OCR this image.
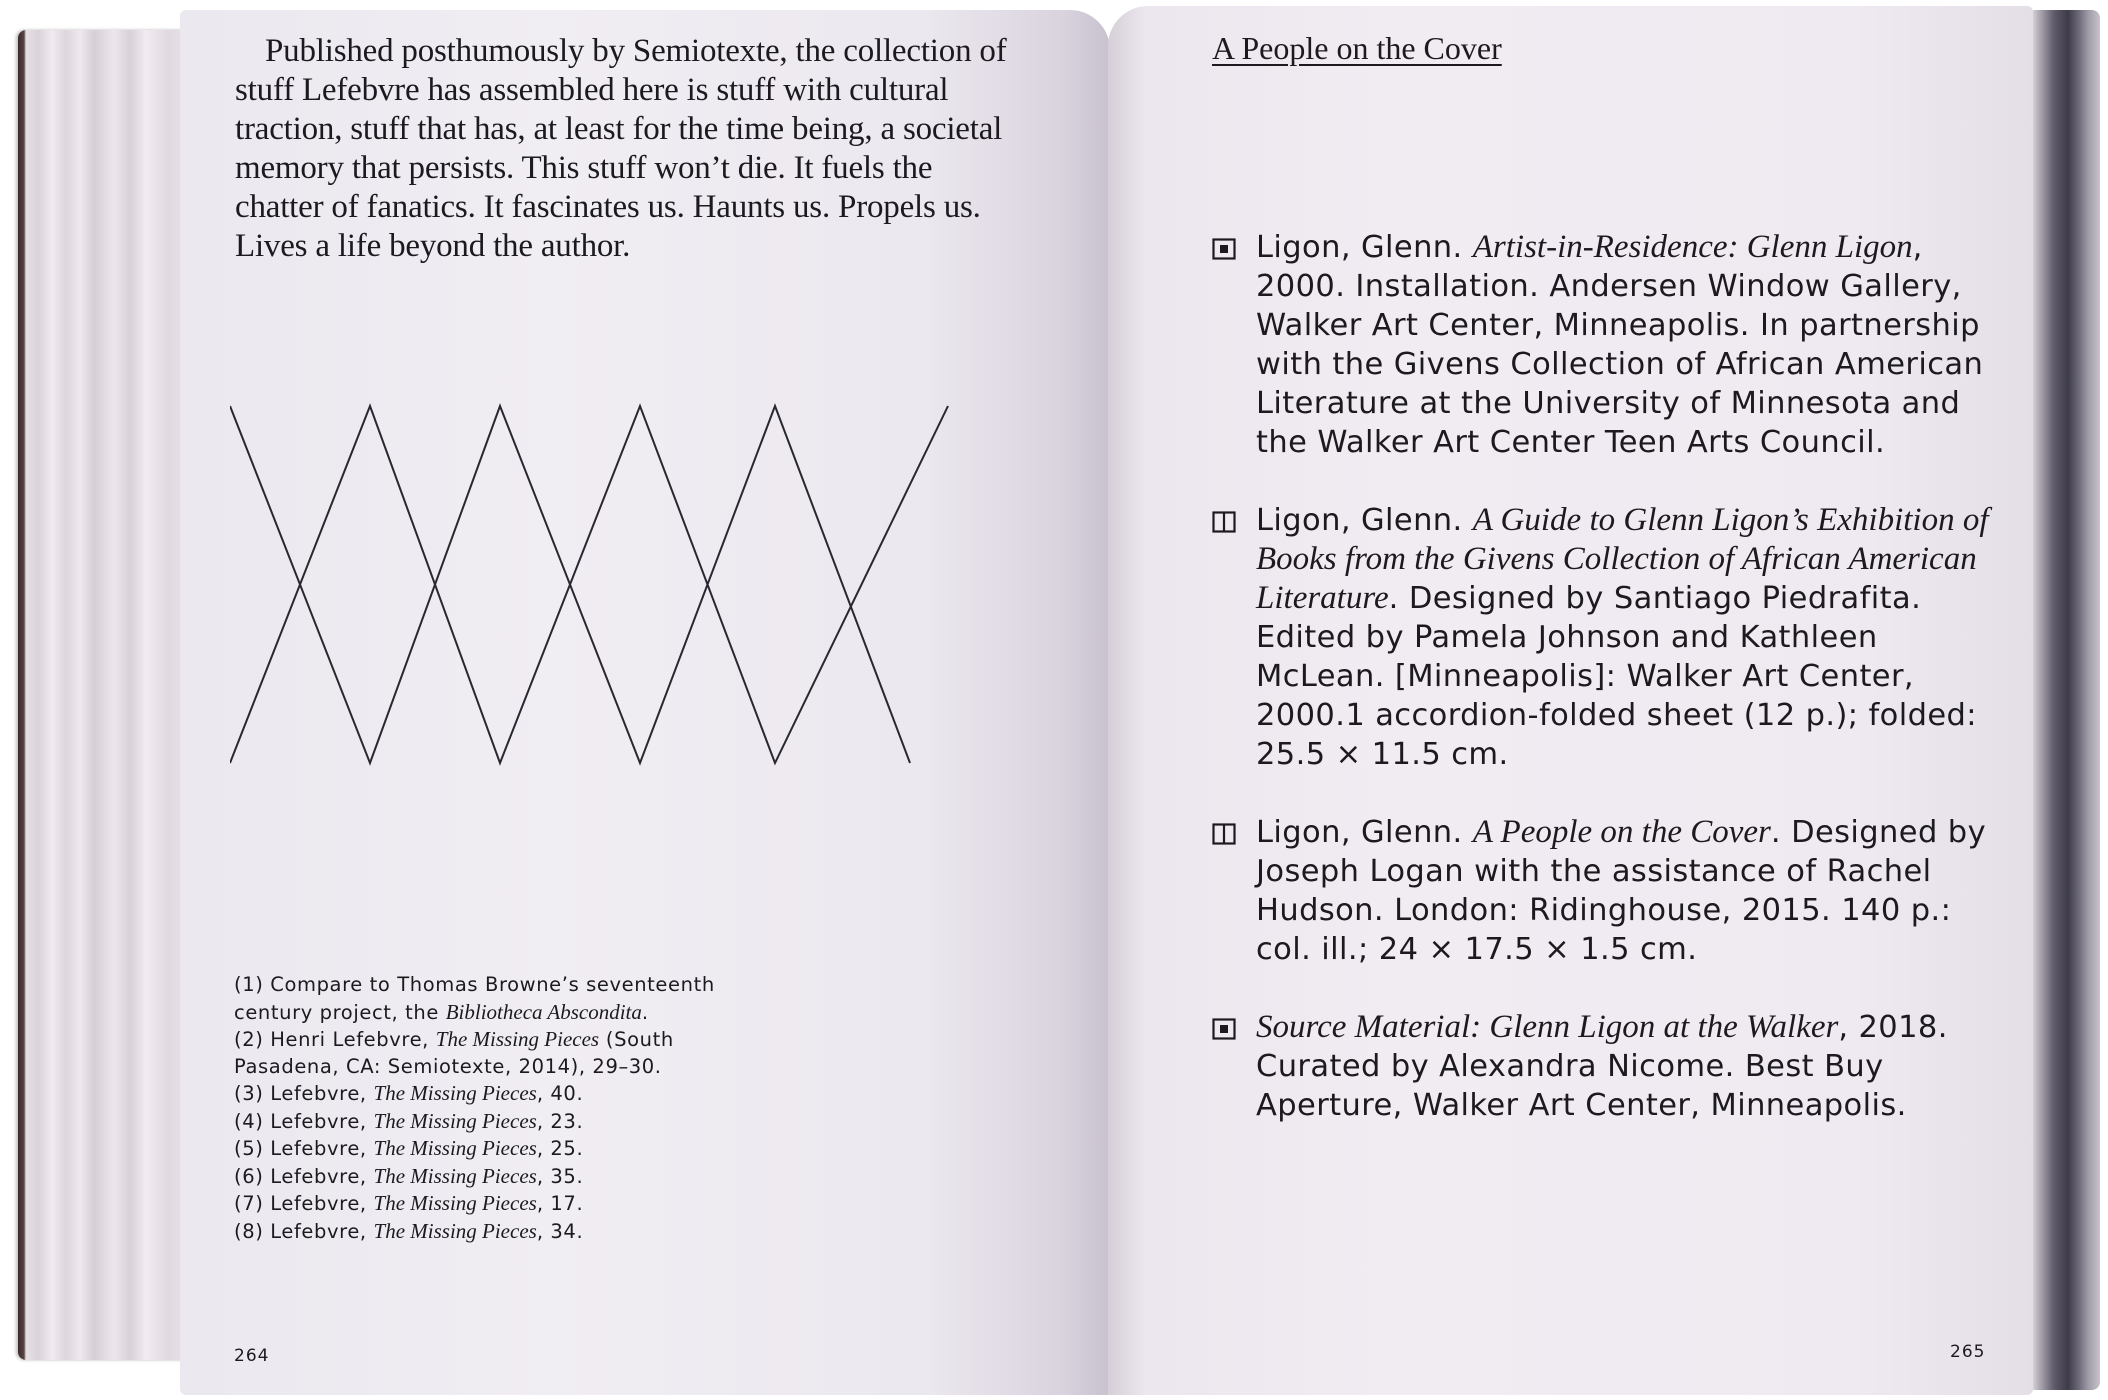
Published posthumously by Semiotexte, the collection of stuff Lefebvre has assembled here is stuff with cultural traction, stuff that has, at least for the time being, a societal memory that persists. This stuff won’t die. It fuels the chatter of fanatics. It fascinates us. Haunts us. Propels us. Lives a life beyond the author.

(1) Compare to Thomas Browne’s seventeenth century project, the Bibliotheca Abscondita.
(2) Henri Lefebvre, The Missing Pieces (South Pasadena, CA: Semiotexte, 2014), 29–30.
(3) Lefebvre, The Missing Pieces, 40.
(4) Lefebvre, The Missing Pieces, 23.
(5) Lefebvre, The Missing Pieces, 25.
(6) Lefebvre, The Missing Pieces, 35.
(7) Lefebvre, The Missing Pieces, 17.
(8) Lefebvre, The Missing Pieces, 34.
264
A People on the Cover
Ligon, Glenn. Artist-in-Residence: Glenn Ligon, 2000. Installation. Andersen Window Gallery, Walker Art Center, Minneapolis. In partnership with the Givens Collection of African American Literature at the University of Minnesota and the Walker Art Center Teen Arts Council.
Ligon, Glenn. A Guide to Glenn Ligon’s Exhibition of Books from the Givens Collection of African American Literature. Designed by Santiago Piedrafita. Edited by Pamela Johnson and Kathleen McLean. [Minneapolis]: Walker Art Center, 2000.1 accordion-folded sheet (12 p.); folded: 25.5 × 11.5 cm.
Ligon, Glenn. A People on the Cover. Designed by Joseph Logan with the assistance of Rachel Hudson. London: Ridinghouse, 2015. 140 p.: col. ill.; 24 × 17.5 × 1.5 cm.
Source Material: Glenn Ligon at the Walker, 2018. Curated by Alexandra Nicome. Best Buy Aperture, Walker Art Center, Minneapolis.
265
